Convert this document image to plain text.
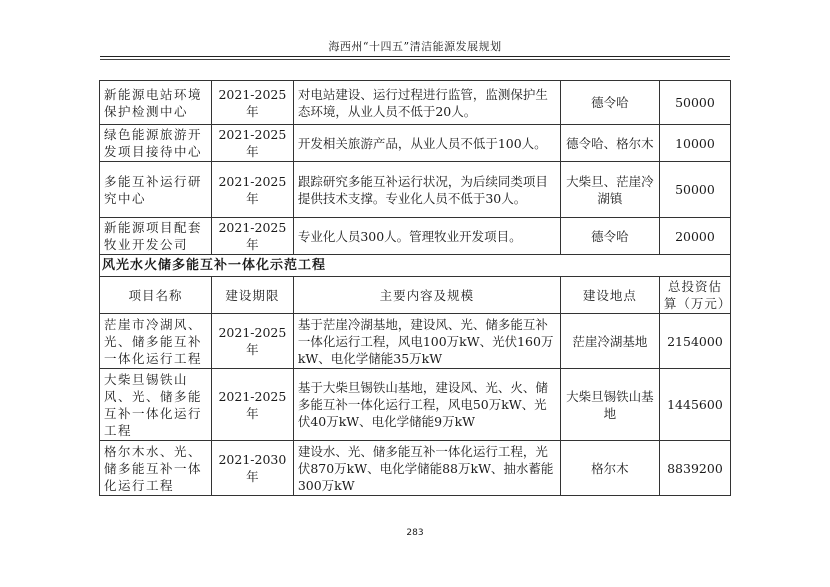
海西州“十四五”清洁能源发展规划
新能源电站环境保护检测中心	2021-2025年	对电站建设、运行过程进行监管，监测保护生态环境，从业人员不低于20人。	德令哈	50000
绿色能源旅游开发项目接待中心	2021-2025年	开发相关旅游产品，从业人员不低于100人。	德令哈、格尔木	10000
多能互补运行研究中心	2021-2025年	跟踪研究多能互补运行状况，为后续同类项目提供技术支撑。专业化人员不低于30人。	大柴旦、茫崖冷湖镇	50000
新能源项目配套牧业开发公司	2021-2025年	专业化人员300人。管理牧业开发项目。	德令哈	20000
风光水火储多能互补一体化示范工程				
项目名称	建设期限	主要内容及规模	建设地点	总投资估算（万元）
茫崖市冷湖风、光、储多能互补一体化运行工程	2021-2025年	基于茫崖冷湖基地，建设风、光、储多能互补一体化运行工程，风电100万kW、光伏160万kW、电化学储能35万kW	茫崖冷湖基地	2154000
大柴旦锡铁山风、光、储多能互补一体化运行工程	2021-2025年	基于大柴旦锡铁山基地，建设风、光、火、储多能互补一体化运行工程，风电50万kW、光伏40万kW、电化学储能9万kW	大柴旦锡铁山基地	1445600
格尔木水、光、储多能互补一体化运行工程	2021-2030年	建设水、光、储多能互补一体化运行工程，光伏870万kW、电化学储能88万kW、抽水蓄能300万kW	格尔木	8839200
283
